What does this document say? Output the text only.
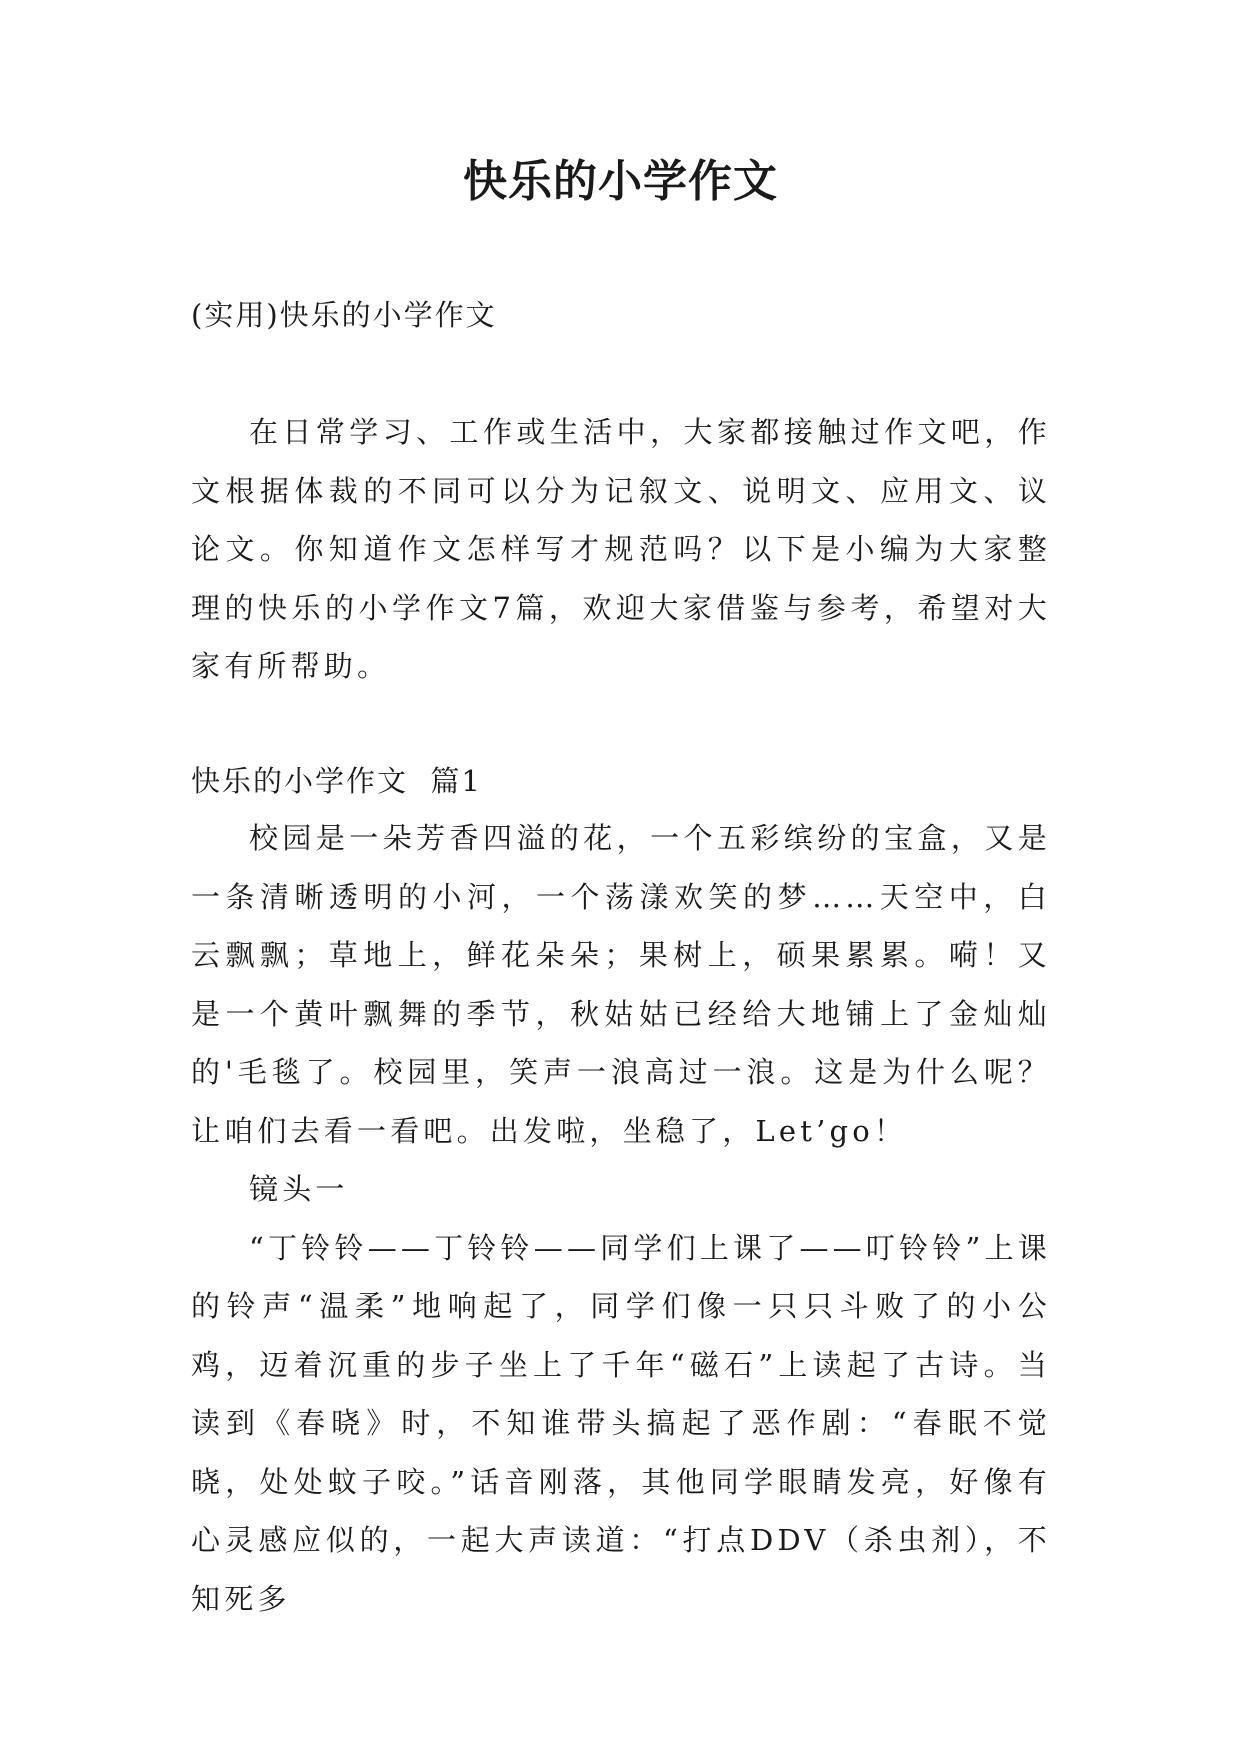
快乐的小学作文
(实用)快乐的小学作文

在日常学习、工作或生活中，大家都接触过作文吧，作文根据体裁的不同可以分为记叙文、说明文、应用文、议论文。你知道作文怎样写才规范吗？以下是小编为大家整理的快乐的小学作文7篇，欢迎大家借鉴与参考，希望对大家有所帮助。

快乐的小学作文  篇1

校园是一朵芳香四溢的花，一个五彩缤纷的宝盒，又是一条清晰透明的小河，一个荡漾欢笑的梦……天空中，白云飘飘；草地上，鲜花朵朵；果树上，硕果累累。嗬！又是一个黄叶飘舞的季节，秋姑姑已经给大地铺上了金灿灿的'毛毯了。校园里，笑声一浪高过一浪。这是为什么呢？让咱们去看一看吧。出发啦，坐稳了，Let’go！

镜头一

“丁铃铃——丁铃铃——同学们上课了——叮铃铃”上课的铃声“温柔”地响起了，同学们像一只只斗败了的小公鸡，迈着沉重的步子坐上了千年“磁石”上读起了古诗。当读到《春晓》时，不知谁带头搞起了恶作剧：“春眠不觉晓，处处蚊子咬。”话音刚落，其他同学眼睛发亮，好像有心灵感应似的，一起大声读道：“打点DDV（杀虫剂），不知死多
